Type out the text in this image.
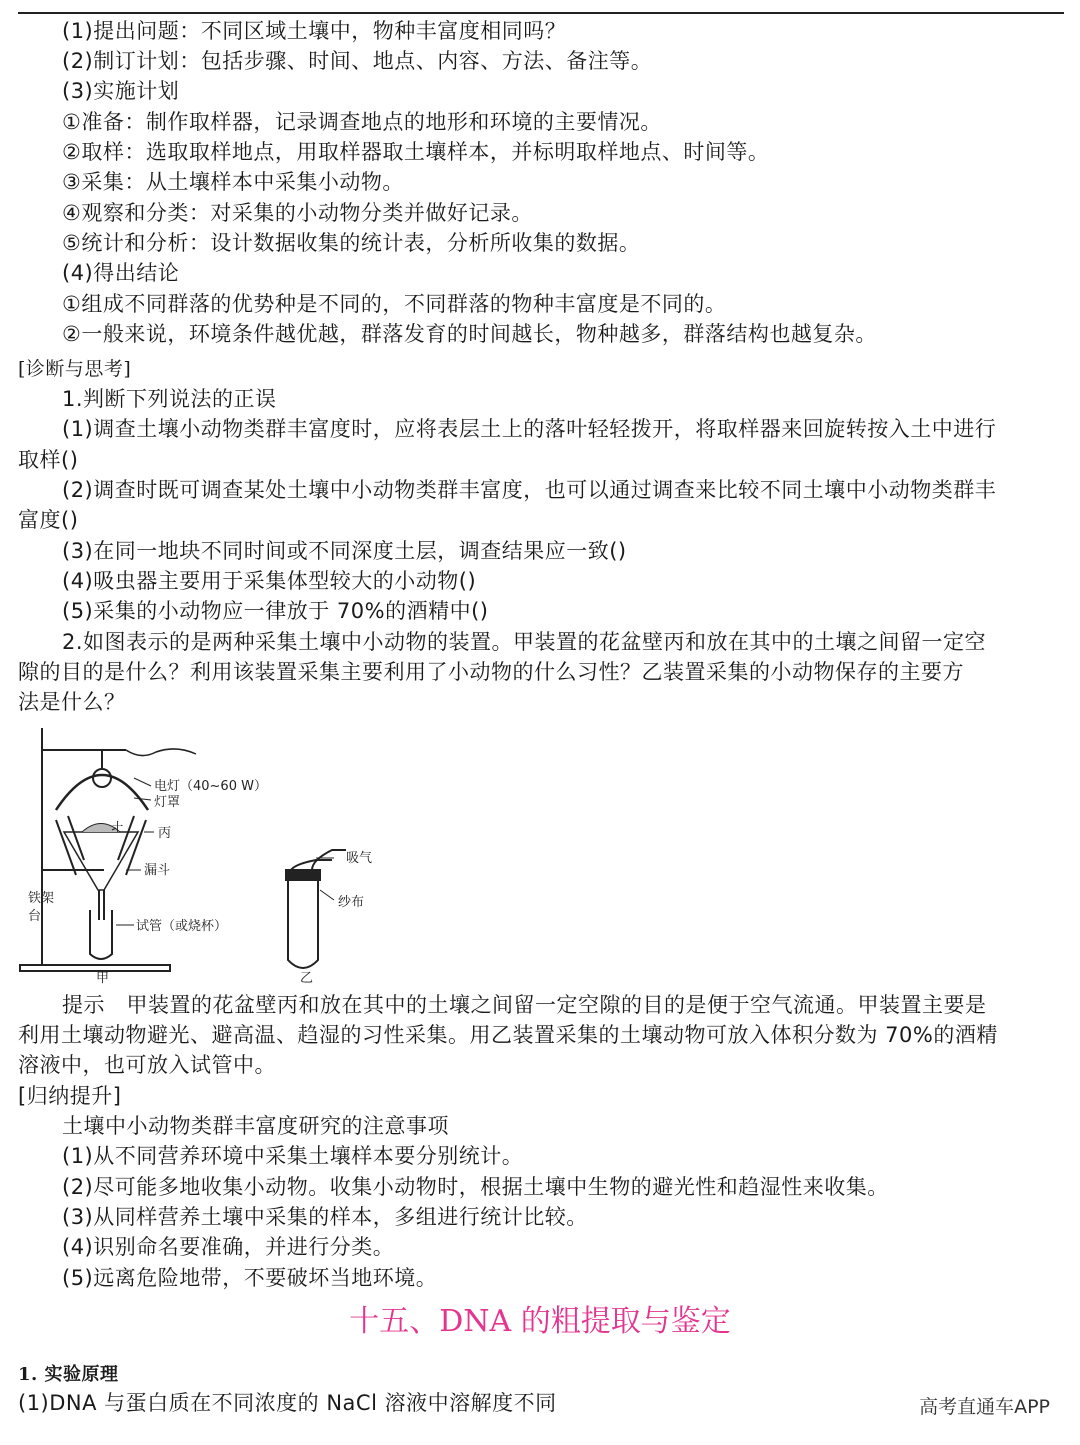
(1)提出问题：不同区域土壤中，物种丰富度相同吗？
(2)制订计划：包括步骤、时间、地点、内容、方法、备注等。
(3)实施计划
①准备：制作取样器，记录调查地点的地形和环境的主要情况。
②取样：选取取样地点，用取样器取土壤样本，并标明取样地点、时间等。
③采集：从土壤样本中采集小动物。
④观察和分类：对采集的小动物分类并做好记录。
⑤统计和分析：设计数据收集的统计表，分析所收集的数据。
(4)得出结论
①组成不同群落的优势种是不同的，不同群落的物种丰富度是不同的。
②一般来说，环境条件越优越，群落发育的时间越长，物种越多，群落结构也越复杂。
[诊断与思考]
1.判断下列说法的正误
(1)调查土壤小动物类群丰富度时，应将表层土上的落叶轻轻拨开，将取样器来回旋转按入土中进行
取样()
(2)调查时既可调查某处土壤中小动物类群丰富度，也可以通过调查来比较不同土壤中小动物类群丰
富度()
(3)在同一地块不同时间或不同深度土层，调查结果应一致()
(4)吸虫器主要用于采集体型较大的小动物()
(5)采集的小动物应一律放于 70%的酒精中()
2.如图表示的是两种采集土壤中小动物的装置。甲装置的花盆壁丙和放在其中的土壤之间留一定空
隙的目的是什么？利用该装置采集主要利用了小动物的什么习性？乙装置采集的小动物保存的主要方
法是什么？
电灯（40~60 W）
灯罩
土	丙
漏斗
铁架
台
试管（或烧杯）
甲
吸气
纱布
乙
提示　甲装置的花盆壁丙和放在其中的土壤之间留一定空隙的目的是便于空气流通。甲装置主要是
利用土壤动物避光、避高温、趋湿的习性采集。用乙装置采集的土壤动物可放入体积分数为 70%的酒精
溶液中，也可放入试管中。
[归纳提升]
土壤中小动物类群丰富度研究的注意事项
(1)从不同营养环境中采集土壤样本要分别统计。
(2)尽可能多地收集小动物。收集小动物时，根据土壤中生物的避光性和趋湿性来收集。
(3)从同样营养土壤中采集的样本，多组进行统计比较。
(4)识别命名要准确，并进行分类。
(5)远离危险地带，不要破坏当地环境。
十五、DNA 的粗提取与鉴定
1. 实验原理
(1)DNA 与蛋白质在不同浓度的 NaCl 溶液中溶解度不同	高考直通车APP
